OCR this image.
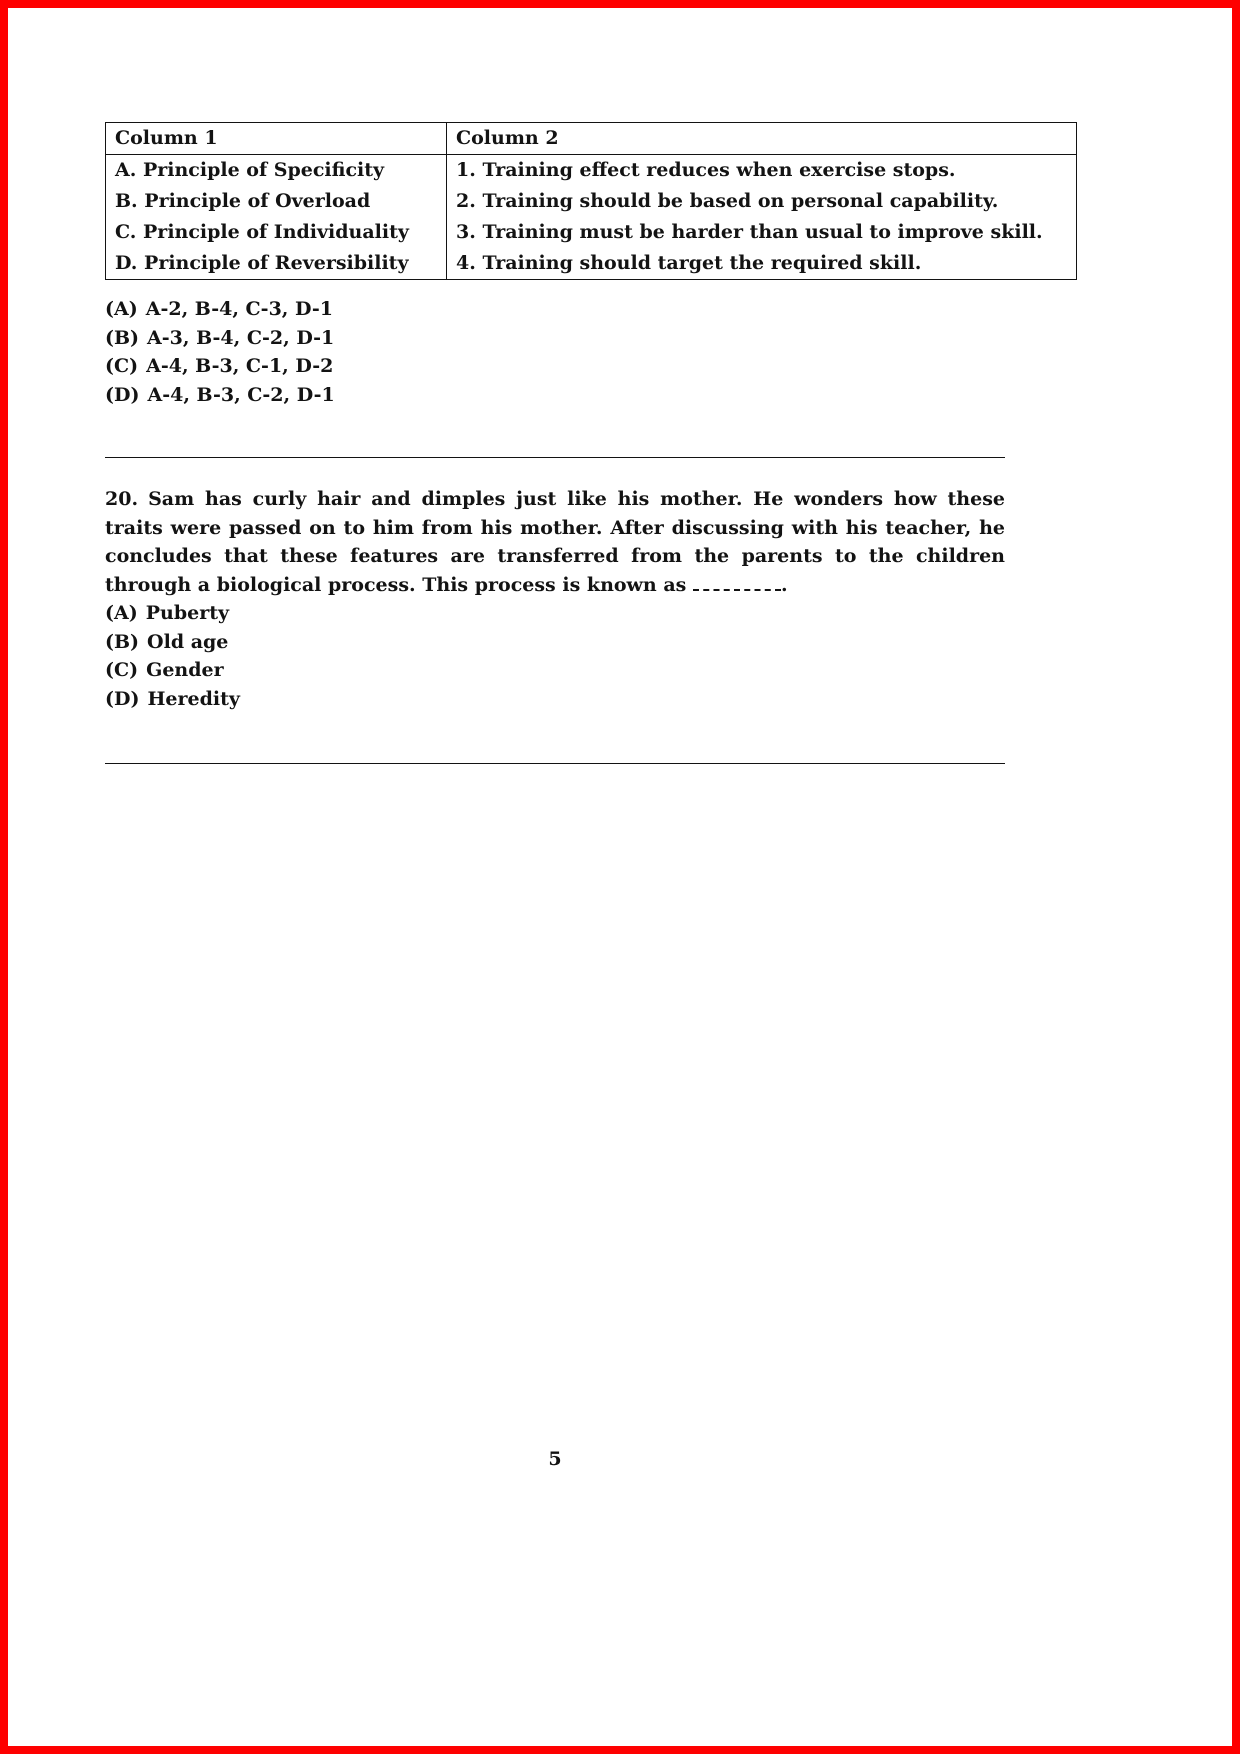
Column 1	Column 2
A. Principle of Specificity	1. Training effect reduces when exercise stops.
B. Principle of Overload	2. Training should be based on personal capability.
C. Principle of Individuality	3. Training must be harder than usual to improve skill.
D. Principle of Reversibility	4. Training should target the required skill.
(A) A-2, B-4, C-3, D-1
(B) A-3, B-4, C-2, D-1
(C) A-4, B-3, C-1, D-2
(D) A-4, B-3, C-2, D-1

20. Sam has curly hair and dimples just like his mother. He wonders how these traits were passed on to him from his mother. After discussing with his teacher, he concludes that these features are transferred from the parents to the children through a biological process. This process is known as	.

(A) Puberty
(B) Old age
(C) Gender
(D) Heredity
5
